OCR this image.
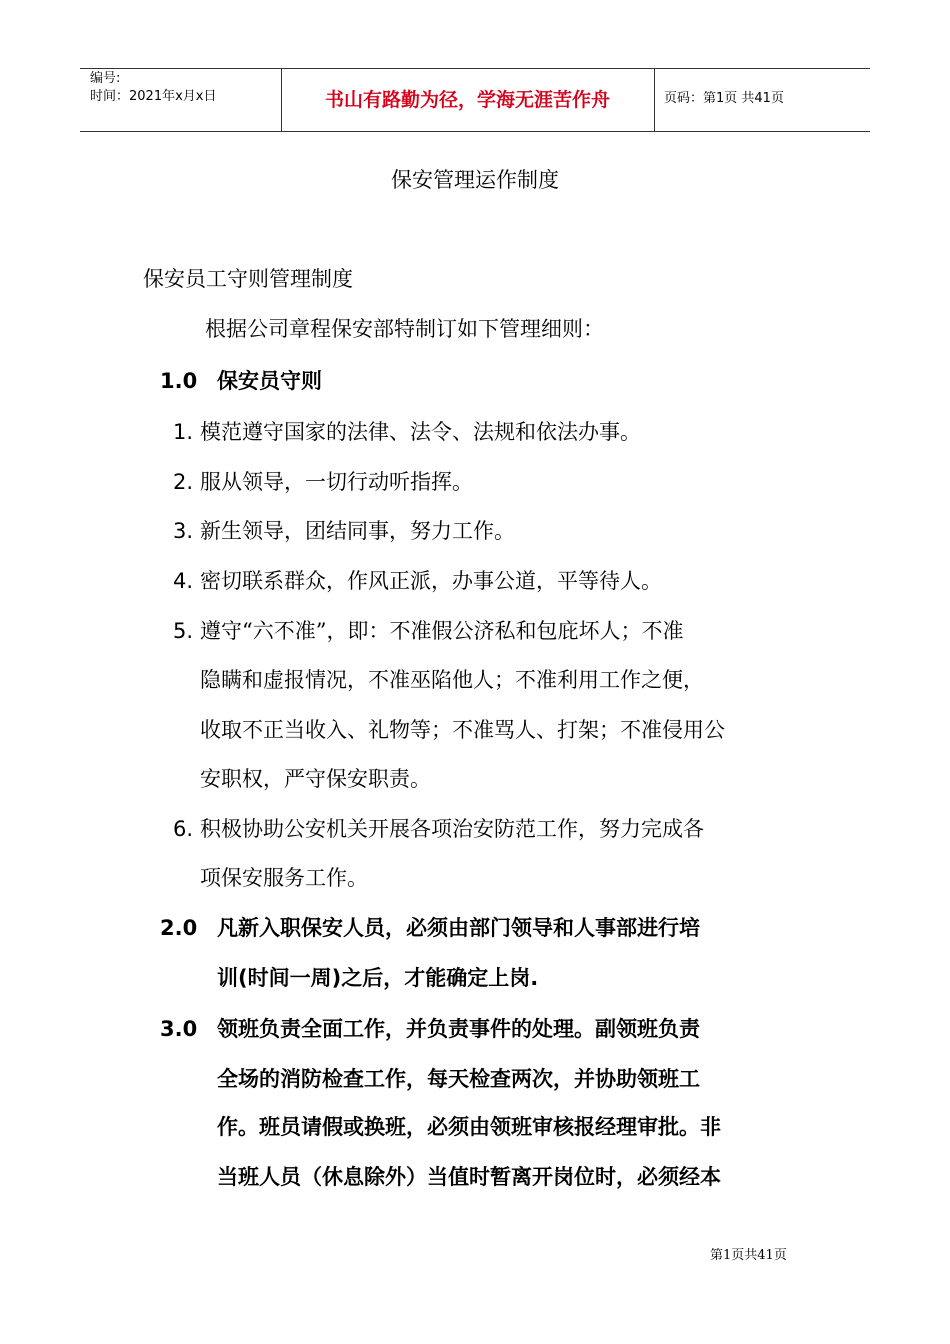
编号:
时间：2021年x月x日	书山有路勤为径，学海无涯苦作舟	页码：第1页 共41页
保安管理运作制度
保安员工守则管理制度
根据公司章程保安部特制订如下管理细则：
1.0 保安员守则
1. 模范遵守国家的法律、法令、法规和依法办事。
2. 服从领导，一切行动听指挥。
3. 新生领导，团结同事，努力工作。
4. 密切联系群众，作风正派，办事公道，平等待人。
5. 遵守“六不准”，即：不准假公济私和包庇坏人；不准
隐瞒和虚报情况，不准巫陷他人；不准利用工作之便，
收取不正当收入、礼物等；不准骂人、打架；不准侵用公
安职权，严守保安职责。
6. 积极协助公安机关开展各项治安防范工作，努力完成各
项保安服务工作。
2.0 凡新入职保安人员，必须由部门领导和人事部进行培
训(时间一周)之后，才能确定上岗.
3.0 领班负责全面工作，并负责事件的处理。副领班负责
全场的消防检查工作，每天检查两次，并协助领班工
作。班员请假或换班，必须由领班审核报经理审批。非
当班人员（休息除外）当值时暂离开岗位时，必须经本
第1页共41页
